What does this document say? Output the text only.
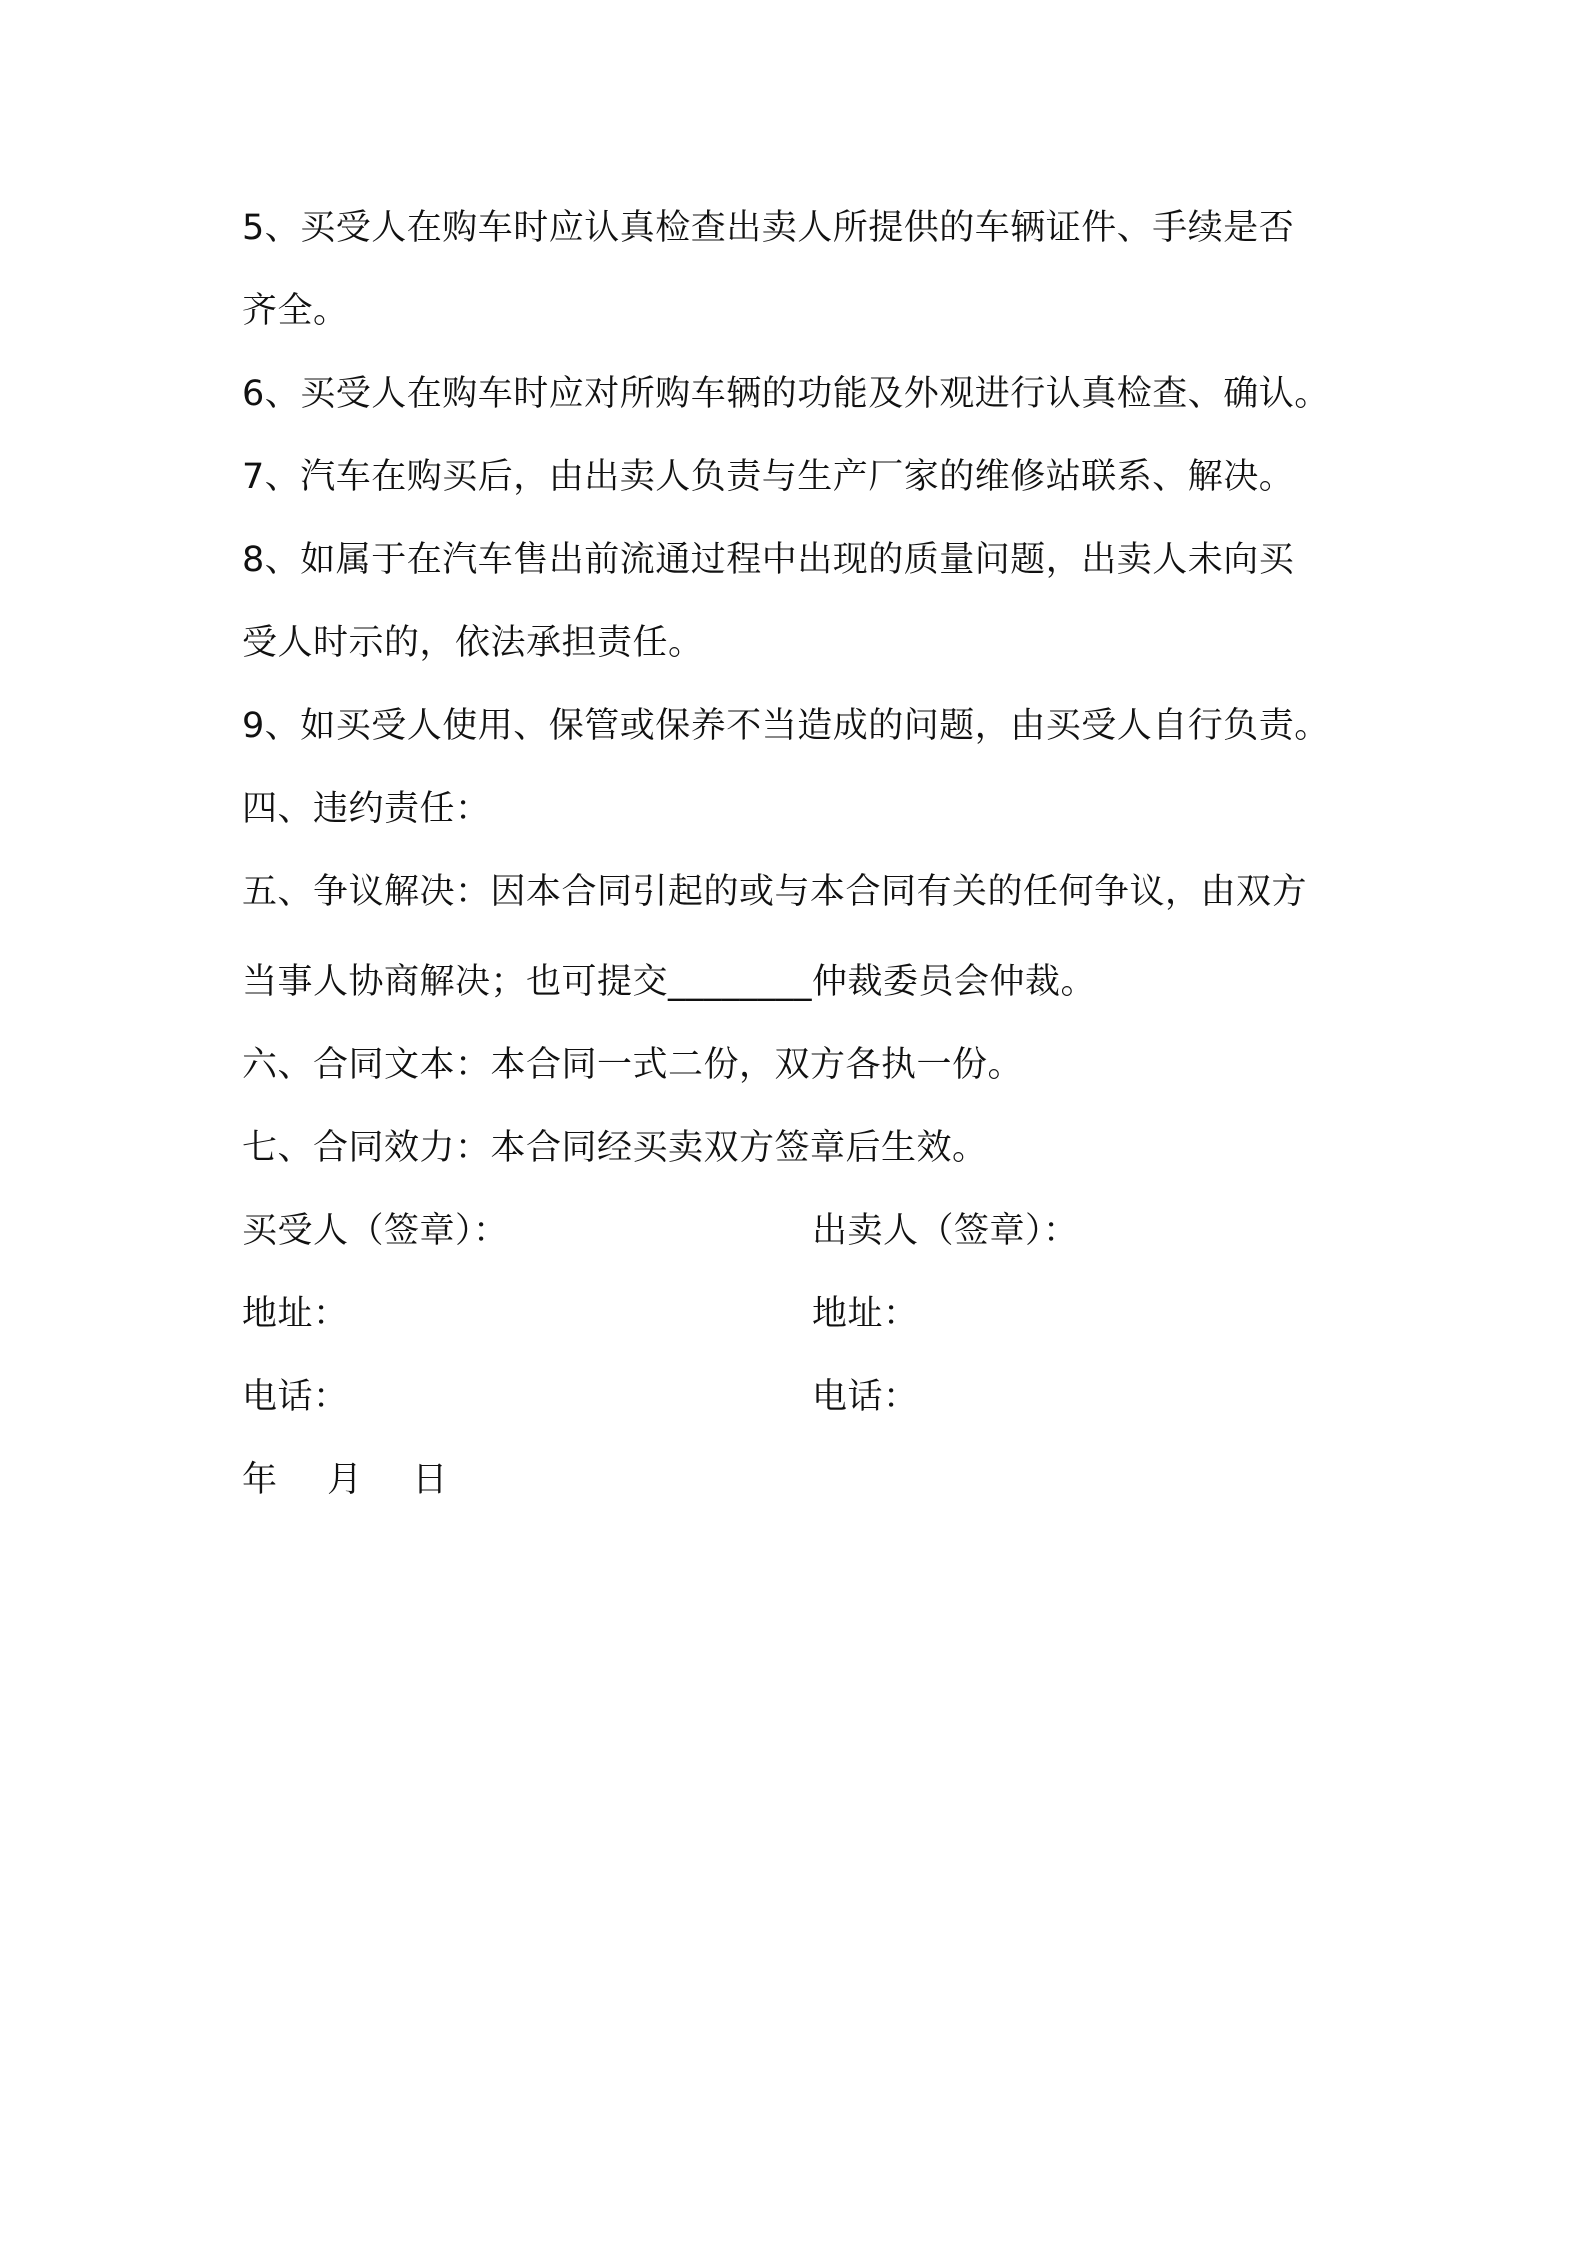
5、买受人在购车时应认真检查出卖人所提供的车辆证件、手续是否
齐全。
6、买受人在购车时应对所购车辆的功能及外观进行认真检查、确认。
7、汽车在购买后，由出卖人负责与生产厂家的维修站联系、解决。
8、如属于在汽车售出前流通过程中出现的质量问题，出卖人未向买
受人时示的，依法承担责任。
9、如买受人使用、保管或保养不当造成的问题，由买受人自行负责。
四、违约责任：
五、争议解决：因本合同引起的或与本合同有关的任何争议，由双方
当事人协商解决；也可提交________仲裁委员会仲裁。
六、合同文本：本合同一式二份，双方各执一份。
七、合同效力：本合同经买卖双方签章后生效。
买受人（签章）：	出卖人（签章）：
地址：	地址：
电话：	电话：
年 月 日
